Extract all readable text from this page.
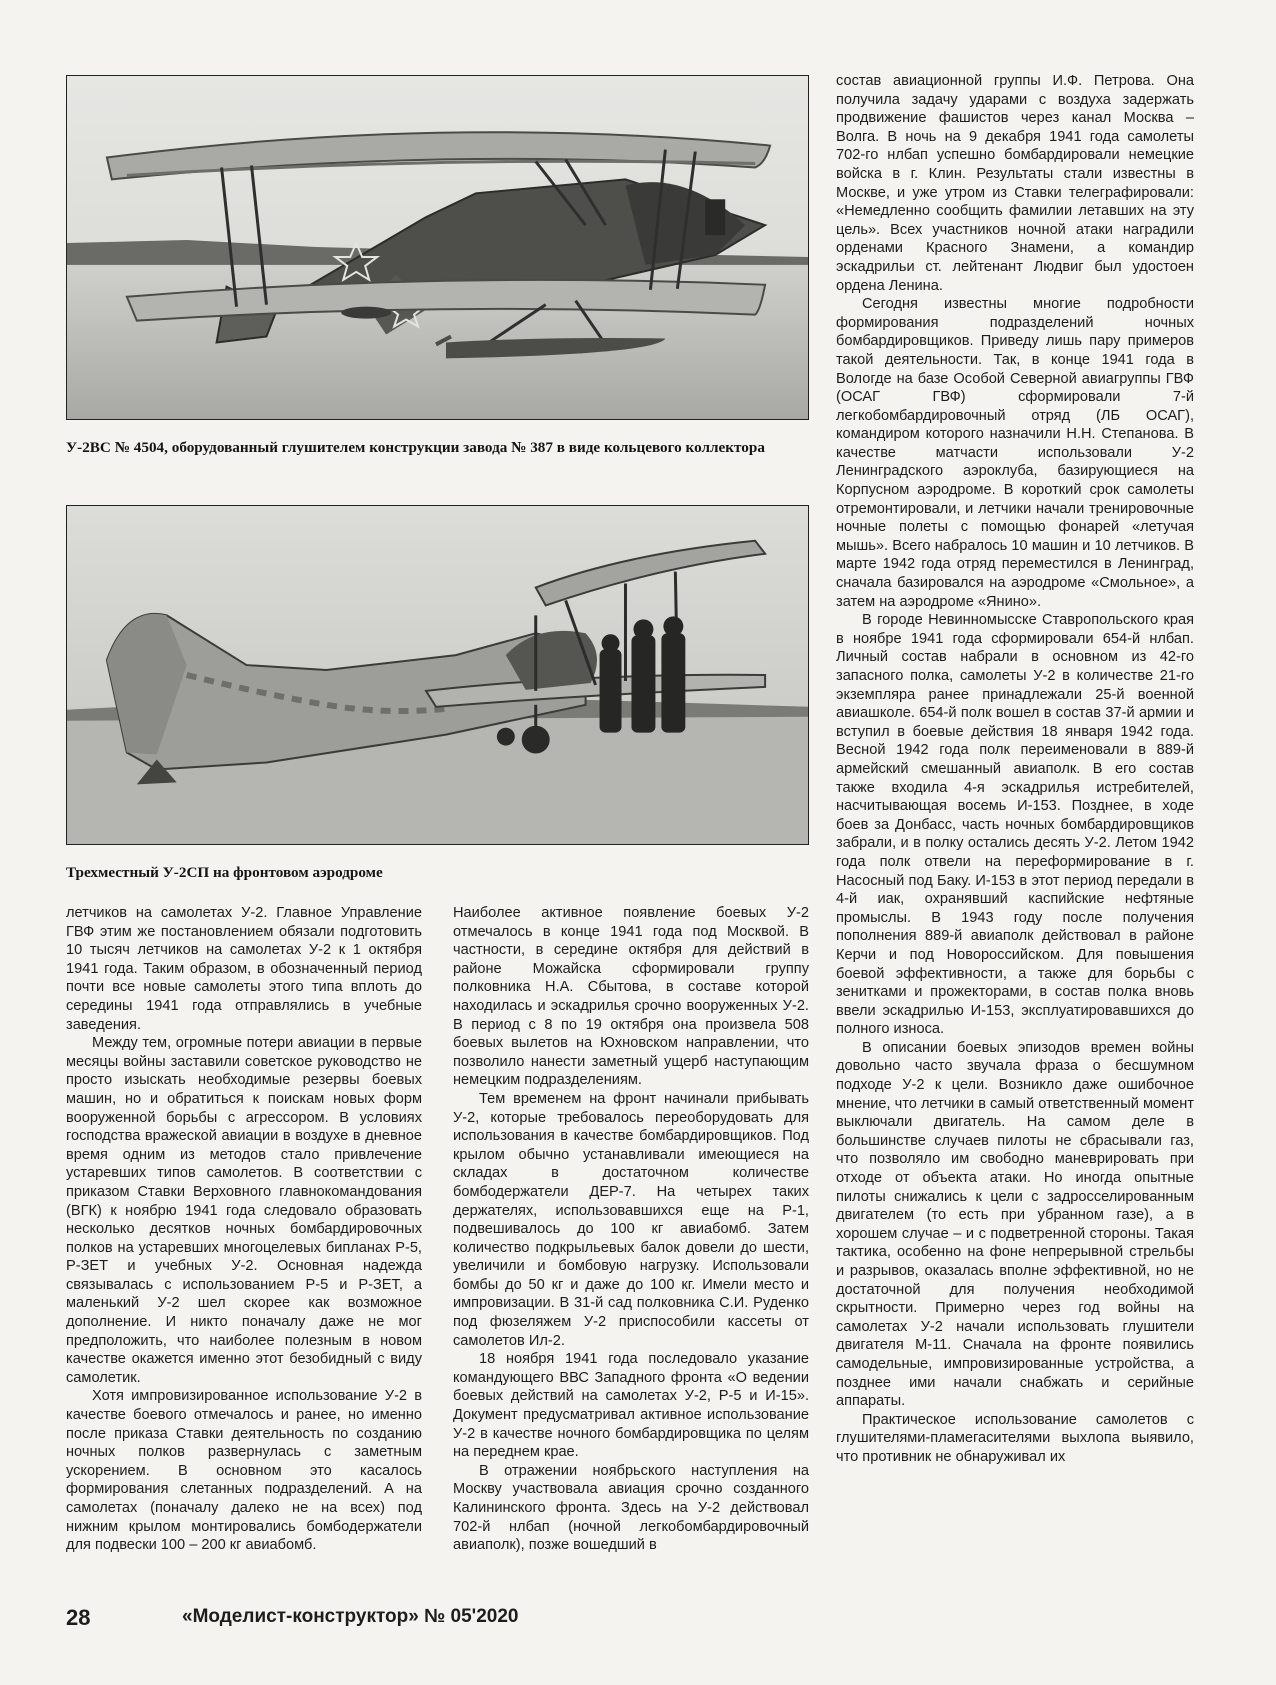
У-2ВС № 4504, оборудованный глушителем конструкции завода № 387 в виде кольцевого коллектора

Трехместный У-2СП на фронтовом аэродроме

летчиков на самолетах У-2. Главное Управление ГВФ этим же постановлением обязали подготовить 10 тысяч летчиков на самолетах У-2 к 1 октября 1941 года. Таким образом, в обозначенный период почти все новые самолеты этого типа вплоть до середины 1941 года отправлялись в учебные заведения.

Между тем, огромные потери авиации в первые месяцы войны заставили советское руководство не просто изыскать необходимые резервы боевых машин, но и обратиться к поискам новых форм вооруженной борьбы с агрессором. В условиях господства вражеской авиации в воздухе в дневное время одним из методов стало привлечение устаревших типов самолетов. В соответствии с приказом Ставки Верховного главнокомандования (ВГК) к ноябрю 1941 года следовало образовать несколько десятков ночных бомбардировочных полков на устаревших многоцелевых бипланах Р-5, Р-ЗЕТ и учебных У-2. Основная надежда связывалась с использованием Р-5 и Р-ЗЕТ, а маленький У-2 шел скорее как возможное дополнение. И никто поначалу даже не мог предположить, что наиболее полезным в новом качестве окажется именно этот безобидный с виду самолетик.

Хотя импровизированное использование У-2 в качестве боевого отмечалось и ранее, но именно после приказа Ставки деятельность по созданию ночных полков развернулась с заметным ускорением. В основном это касалось формирования слетанных подразделений. А на самолетах (поначалу далеко не на всех) под нижним крылом монтировались бомбодержатели для подвески 100 – 200 кг авиабомб.

Наиболее активное появление боевых У-2 отмечалось в конце 1941 года под Москвой. В частности, в середине октября для действий в районе Можайска сформировали группу полковника Н.А. Сбытова, в составе которой находилась и эскадрилья срочно вооруженных У-2. В период с 8 по 19 октября она произвела 508 боевых вылетов на Юхновском направлении, что позволило нанести заметный ущерб наступающим немецким подразделениям.

Тем временем на фронт начинали прибывать У-2, которые требовалось переоборудовать для использования в качестве бомбардировщиков. Под крылом обычно устанавливали имеющиеся на складах в достаточном количестве бомбодержатели ДЕР-7. На четырех таких держателях, использовавшихся еще на Р-1, подвешивалось до 100 кг авиабомб. Затем количество подкрыльевых балок довели до шести, увеличили и бомбовую нагрузку. Использовали бомбы до 50 кг и даже до 100 кг. Имели место и импровизации. В 31-й сад полковника С.И. Руденко под фюзеляжем У-2 приспособили кассеты от самолетов Ил-2.

18 ноября 1941 года последовало указание командующего ВВС Западного фронта «О ведении боевых действий на самолетах У-2, Р-5 и И-15». Документ предусматривал активное использование У-2 в качестве ночного бомбардировщика по целям на переднем крае.

В отражении ноябрьского наступления на Москву участвовала авиация срочно созданного Калининского фронта. Здесь на У-2 действовал 702-й нлбап (ночной легкобомбардировочный авиаполк), позже вошедший в

состав авиационной группы И.Ф. Петрова. Она получила задачу ударами с воздуха задержать продвижение фашистов через канал Москва – Волга. В ночь на 9 декабря 1941 года самолеты 702-го нлбап успешно бомбардировали немецкие войска в г. Клин. Результаты стали известны в Москве, и уже утром из Ставки телеграфировали: «Немедленно сообщить фамилии летавших на эту цель». Всех участников ночной атаки наградили орденами Красного Знамени, а командир эскадрильи ст. лейтенант Людвиг был удостоен ордена Ленина.

Сегодня известны многие подробности формирования подразделений ночных бомбардировщиков. Приведу лишь пару примеров такой деятельности. Так, в конце 1941 года в Вологде на базе Особой Северной авиагруппы ГВФ (ОСАГ ГВФ) сформировали 7-й легкобомбардировочный отряд (ЛБ ОСАГ), командиром которого назначили Н.Н. Степанова. В качестве матчасти использовали У-2 Ленинградского аэроклуба, базирующиеся на Корпусном аэродроме. В короткий срок самолеты отремонтировали, и летчики начали тренировочные ночные полеты с помощью фонарей «летучая мышь». Всего набралось 10 машин и 10 летчиков. В марте 1942 года отряд переместился в Ленинград, сначала базировался на аэродроме «Смольное», а затем на аэродроме «Янино».

В городе Невинномысске Ставропольского края в ноябре 1941 года сформировали 654-й нлбап. Личный состав набрали в основном из 42-го запасного полка, самолеты У-2 в количестве 21-го экземпляра ранее принадлежали 25-й военной авиашколе. 654-й полк вошел в состав 37-й армии и вступил в боевые действия 18 января 1942 года. Весной 1942 года полк переименовали в 889-й армейский смешанный авиаполк. В его состав также входила 4-я эскадрилья истребителей, насчитывающая восемь И-153. Позднее, в ходе боев за Донбасс, часть ночных бомбардировщиков забрали, и в полку остались десять У-2. Летом 1942 года полк отвели на переформирование в г. Насосный под Баку. И-153 в этот период передали в 4-й иак, охранявший каспийские нефтяные промыслы. В 1943 году после получения пополнения 889-й авиаполк действовал в районе Керчи и под Новороссийском. Для повышения боевой эффективности, а также для борьбы с зенитками и прожекторами, в состав полка вновь ввели эскадрилью И-153, эксплуатировавшихся до полного износа.

В описании боевых эпизодов времен войны довольно часто звучала фраза о бесшумном подходе У-2 к цели. Возникло даже ошибочное мнение, что летчики в самый ответственный момент выключали двигатель. На самом деле в большинстве случаев пилоты не сбрасывали газ, что позволяло им свободно маневрировать при отходе от объекта атаки. Но иногда опытные пилоты снижались к цели с задросселированным двигателем (то есть при убранном газе), а в хорошем случае – и с подветренной стороны. Такая тактика, особенно на фоне непрерывной стрельбы и разрывов, оказалась вполне эффективной, но не достаточной для получения необходимой скрытности. Примерно через год войны на самолетах У-2 начали использовать глушители двигателя М-11. Сначала на фронте появились самодельные, импровизированные устройства, а позднее ими начали снабжать и серийные аппараты.

Практическое использование самолетов с глушителями-пламегасителями выхлопа выявило, что противник не обнаруживал их

28	«Моделист-конструктор» № 05'2020
